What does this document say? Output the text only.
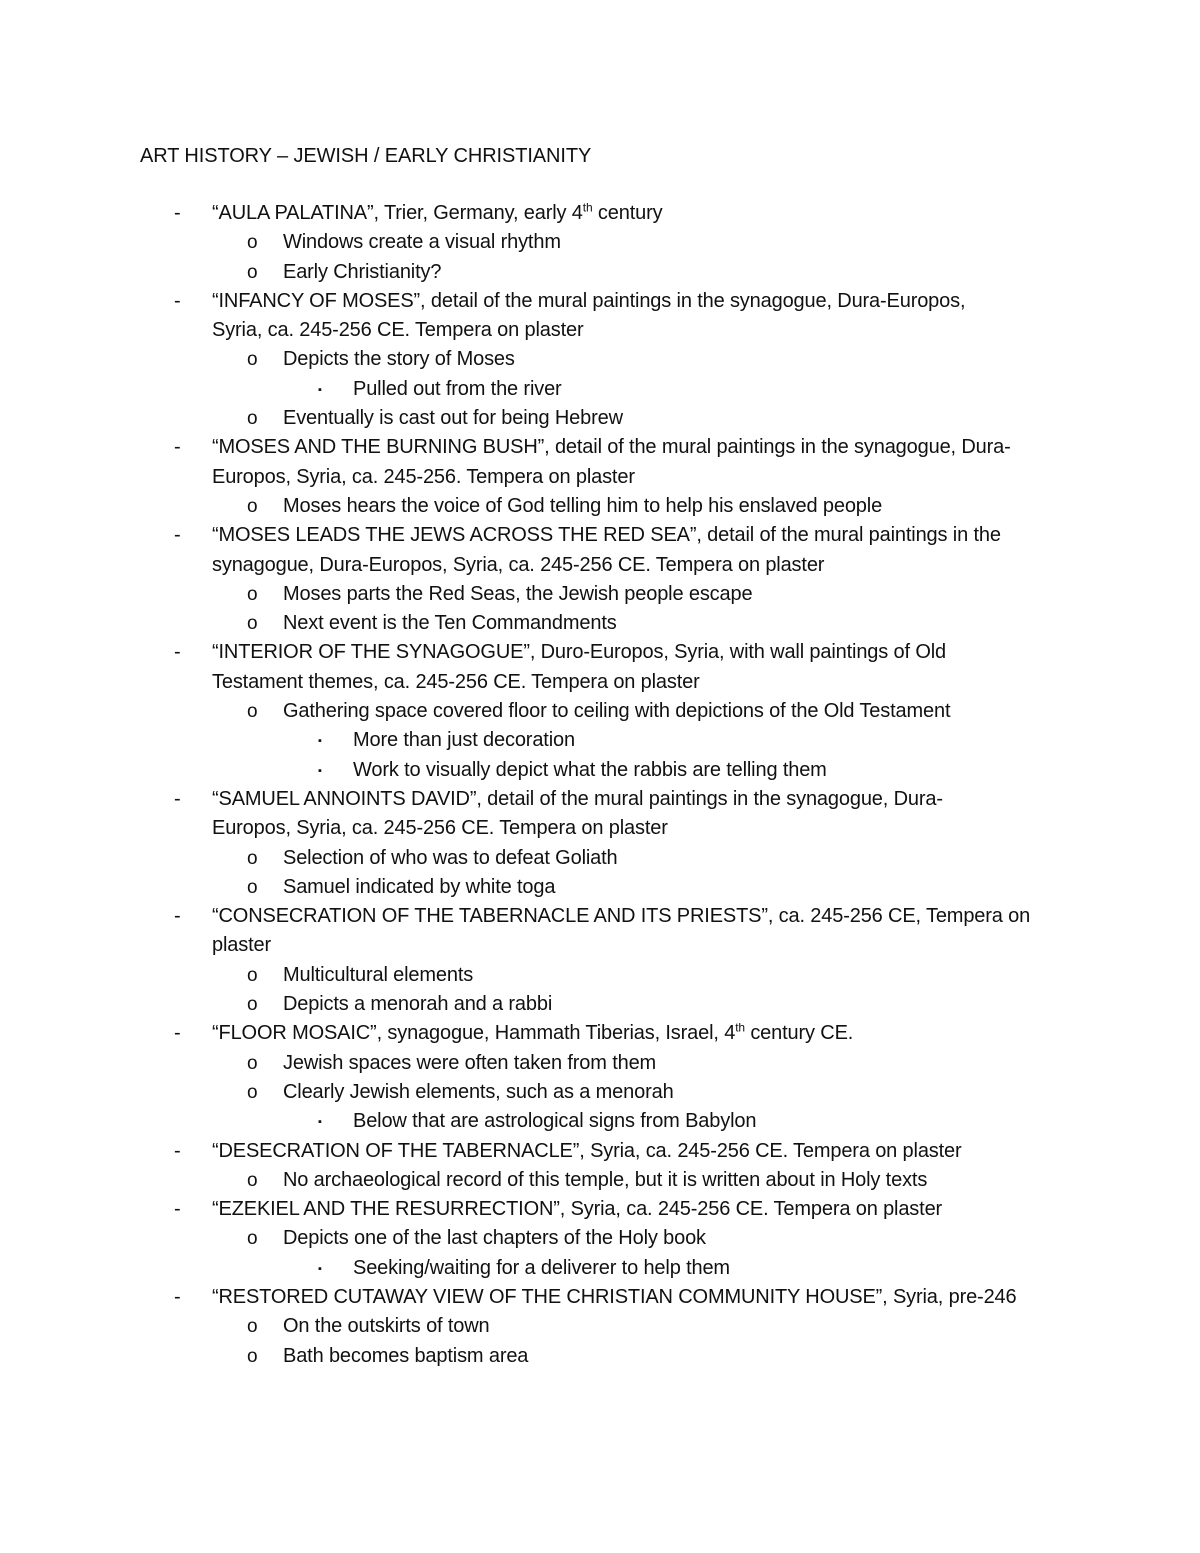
ART HISTORY – JEWISH / EARLY CHRISTIANITY
- “AULA PALATINA”, Trier, Germany, early 4th century
o Windows create a visual rhythm
o Early Christianity?
- “INFANCY OF MOSES”, detail of the mural paintings in the synagogue, Dura-Europos,
Syria, ca. 245-256 CE. Tempera on plaster
o Depicts the story of Moses
▪ Pulled out from the river
o Eventually is cast out for being Hebrew
- “MOSES AND THE BURNING BUSH”, detail of the mural paintings in the synagogue, Dura-
Europos, Syria, ca. 245-256. Tempera on plaster
o Moses hears the voice of God telling him to help his enslaved people
- “MOSES LEADS THE JEWS ACROSS THE RED SEA”, detail of the mural paintings in the
synagogue, Dura-Europos, Syria, ca. 245-256 CE. Tempera on plaster
o Moses parts the Red Seas, the Jewish people escape
o Next event is the Ten Commandments
- “INTERIOR OF THE SYNAGOGUE”, Duro-Europos, Syria, with wall paintings of Old
Testament themes, ca. 245-256 CE. Tempera on plaster
o Gathering space covered floor to ceiling with depictions of the Old Testament
▪ More than just decoration
▪ Work to visually depict what the rabbis are telling them
- “SAMUEL ANNOINTS DAVID”, detail of the mural paintings in the synagogue, Dura-
Europos, Syria, ca. 245-256 CE. Tempera on plaster
o Selection of who was to defeat Goliath
o Samuel indicated by white toga
- “CONSECRATION OF THE TABERNACLE AND ITS PRIESTS”, ca. 245-256 CE, Tempera on
plaster
o Multicultural elements
o Depicts a menorah and a rabbi
- “FLOOR MOSAIC”, synagogue, Hammath Tiberias, Israel, 4th century CE.
o Jewish spaces were often taken from them
o Clearly Jewish elements, such as a menorah
▪ Below that are astrological signs from Babylon
- “DESECRATION OF THE TABERNACLE”, Syria, ca. 245-256 CE. Tempera on plaster
o No archaeological record of this temple, but it is written about in Holy texts
- “EZEKIEL AND THE RESURRECTION”, Syria, ca. 245-256 CE. Tempera on plaster
o Depicts one of the last chapters of the Holy book
▪ Seeking/waiting for a deliverer to help them
- “RESTORED CUTAWAY VIEW OF THE CHRISTIAN COMMUNITY HOUSE”, Syria, pre-246
o On the outskirts of town
o Bath becomes baptism area
